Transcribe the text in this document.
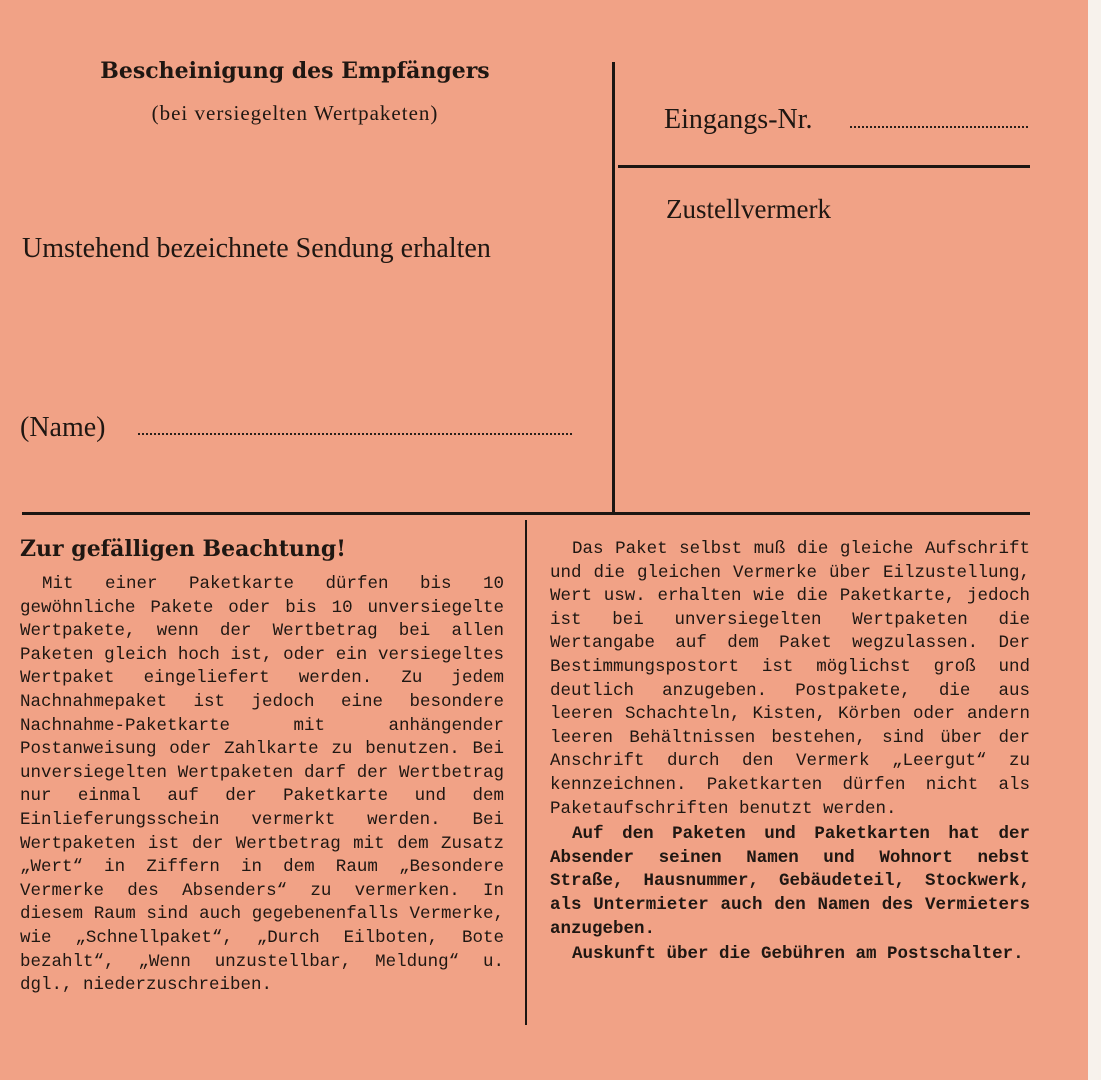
Bescheinigung des Empfängers
(bei versiegelten Wertpaketen)
Umstehend bezeichnete Sendung erhalten
(Name)
Eingangs-Nr.
Zustellvermerk
Zur gefälligen Beachtung!

Mit einer Paketkarte dürfen bis 10 gewöhnliche Pakete oder bis 10 unversiegelte Wertpakete, wenn der Wertbetrag bei allen Paketen gleich hoch ist, oder ein versiegeltes Wertpaket eingeliefert werden. Zu jedem Nachnahmepaket ist jedoch eine besondere Nachnahme-Paketkarte mit anhängender Postanweisung oder Zahlkarte zu benutzen. Bei unversiegelten Wertpaketen darf der Wertbetrag nur einmal auf der Paketkarte und dem Einlieferungsschein vermerkt werden. Bei Wertpaketen ist der Wertbetrag mit dem Zusatz „Wert“ in Ziffern in dem Raum „Besondere Vermerke des Absenders“ zu vermerken. In diesem Raum sind auch gegebenenfalls Vermerke, wie „Schnellpaket“, „Durch Eilboten, Bote bezahlt“, „Wenn unzustellbar, Meldung“ u. dgl., niederzuschreiben.

Das Paket selbst muß die gleiche Aufschrift und die gleichen Vermerke über Eilzustellung, Wert usw. erhalten wie die Paketkarte, jedoch ist bei unversiegelten Wertpaketen die Wertangabe auf dem Paket wegzulassen. Der Bestimmungspostort ist möglichst groß und deutlich anzugeben. Postpakete, die aus leeren Schachteln, Kisten, Körben oder andern leeren Behältnissen bestehen, sind über der Anschrift durch den Vermerk „Leergut“ zu kennzeichnen. Paketkarten dürfen nicht als Paketaufschriften benutzt werden.

Auf den Paketen und Paketkarten hat der Absender seinen Namen und Wohnort nebst Straße, Hausnummer, Gebäudeteil, Stockwerk, als Untermieter auch den Namen des Vermieters anzugeben.

Auskunft über die Gebühren am Postschalter.
